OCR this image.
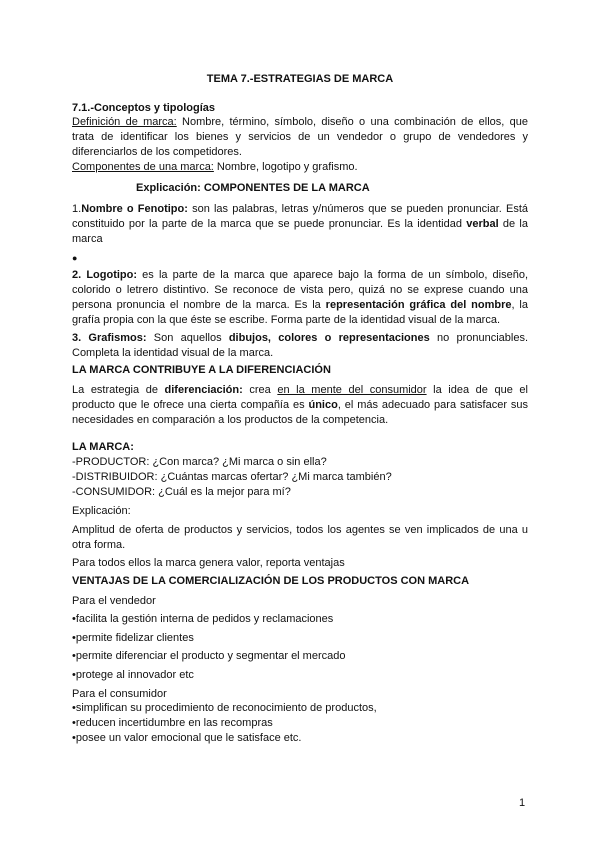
TEMA 7.-ESTRATEGIAS DE MARCA
7.1.-Conceptos y tipologías
Definición de marca: Nombre, término, símbolo, diseño o una combinación de ellos, que
trata de identificar los bienes y servicios de un vendedor o grupo de vendedores y
diferenciarlos de los competidores.
Componentes de una marca: Nombre, logotipo y grafismo.
Explicación: COMPONENTES DE LA MARCA
1.Nombre o Fenotipo: son las palabras, letras y/números que se pueden pronunciar. Está
constituido por la parte de la marca que se puede pronunciar. Es la identidad verbal de la
marca
●
2. Logotipo: es la parte de la marca que aparece bajo la forma de un símbolo, diseño,
colorido o letrero distintivo. Se reconoce de vista pero, quizá no se exprese cuando una
persona pronuncia el nombre de la marca. Es la representación gráfica del nombre, la
grafía propia con la que éste se escribe. Forma parte de la identidad visual de la marca.
3. Grafismos: Son aquellos dibujos, colores o representaciones no pronunciables.
Completa la identidad visual de la marca.
LA MARCA CONTRIBUYE A LA DIFERENCIACIÓN
La estrategia de diferenciación: crea en la mente del consumidor la idea de que el
producto que le ofrece una cierta compañía es único, el más adecuado para satisfacer sus
necesidades en comparación a los productos de la competencia.
LA MARCA:
-PRODUCTOR: ¿Con marca? ¿Mi marca o sin ella?
-DISTRIBUIDOR: ¿Cuántas marcas ofertar? ¿Mi marca también?
-CONSUMIDOR: ¿Cuál es la mejor para mí?
Explicación:
Amplitud de oferta de productos y servicios, todos los agentes se ven implicados de una u
otra forma.
Para todos ellos la marca genera valor, reporta ventajas
VENTAJAS DE LA COMERCIALIZACIÓN DE LOS PRODUCTOS CON MARCA
Para el vendedor
•facilita la gestión interna de pedidos y reclamaciones
•permite fidelizar clientes
•permite diferenciar el producto y segmentar el mercado
•protege al innovador etc
Para el consumidor
•simplifican su procedimiento de reconocimiento de productos,
•reducen incertidumbre en las recompras
•posee un valor emocional que le satisface etc.
1
